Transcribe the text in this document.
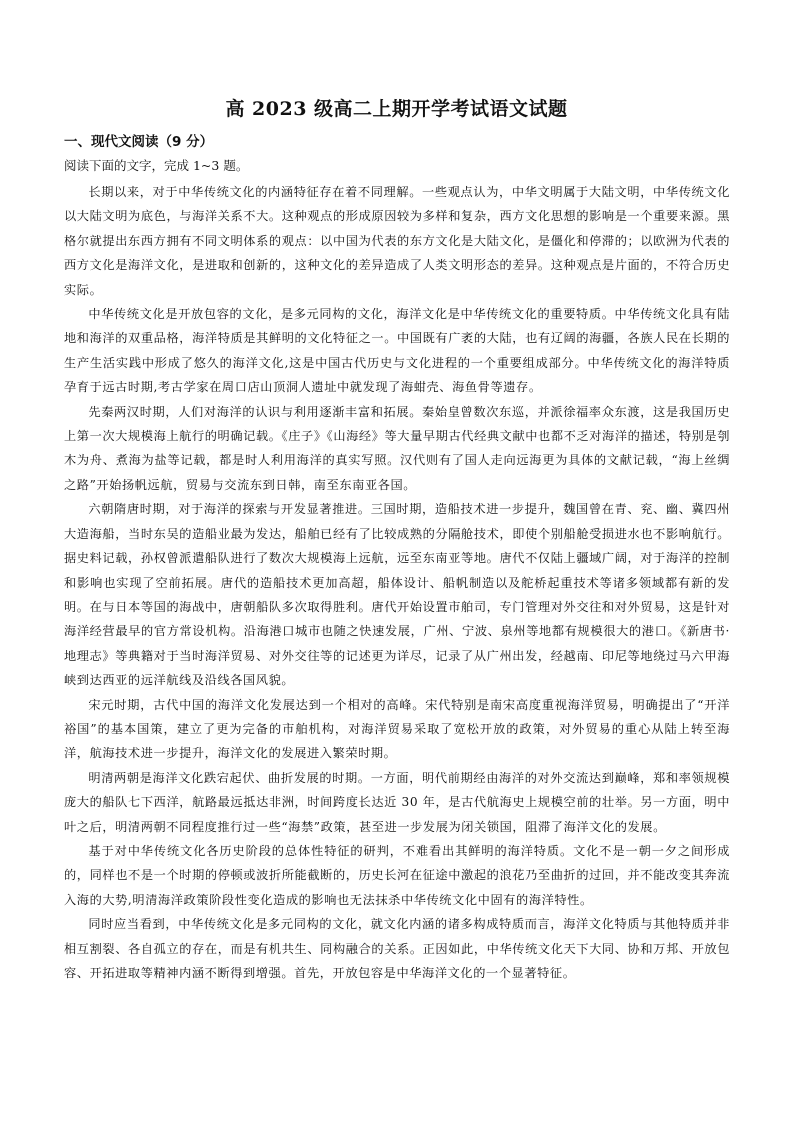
高 2023 级高二上期开学考试语文试题
一、现代文阅读（9 分）

阅读下面的文字，完成 1~3 题。

长期以来，对于中华传统文化的内涵特征存在着不同理解。一些观点认为，中华文明属于大陆文明，中华传统文化以大陆文明为底色，与海洋关系不大。这种观点的形成原因较为多样和复杂，西方文化思想的影响是一个重要来源。黑格尔就提出东西方拥有不同文明体系的观点：以中国为代表的东方文化是大陆文化，是僵化和停滞的；以欧洲为代表的西方文化是海洋文化，是进取和创新的，这种文化的差异造成了人类文明形态的差异。这种观点是片面的，不符合历史实际。

中华传统文化是开放包容的文化，是多元同构的文化，海洋文化是中华传统文化的重要特质。中华传统文化具有陆地和海洋的双重品格，海洋特质是其鲜明的文化特征之一。中国既有广袤的大陆，也有辽阔的海疆，各族人民在长期的生产生活实践中形成了悠久的海洋文化,这是中国古代历史与文化进程的一个重要组成部分。中华传统文化的海洋特质孕育于远古时期,考古学家在周口店山顶洞人遗址中就发现了海蚶壳、海鱼骨等遗存。

先秦两汉时期，人们对海洋的认识与利用逐渐丰富和拓展。秦始皇曾数次东巡，并派徐福率众东渡，这是我国历史上第一次大规模海上航行的明确记载。《庄子》《山海经》等大量早期古代经典文献中也都不乏对海洋的描述，特别是刳木为舟、煮海为盐等记载，都是时人利用海洋的真实写照。汉代则有了国人走向远海更为具体的文献记载，“海上丝绸之路”开始扬帆远航，贸易与交流东到日韩，南至东南亚各国。

六朝隋唐时期，对于海洋的探索与开发显著推进。三国时期，造船技术进一步提升，魏国曾在青、兖、幽、冀四州大造海船，当时东吴的造船业最为发达，船舶已经有了比较成熟的分隔舱技术，即使个别船舱受损进水也不影响航行。据史料记载，孙权曾派遣船队进行了数次大规模海上远航，远至东南亚等地。唐代不仅陆上疆域广阔，对于海洋的控制和影响也实现了空前拓展。唐代的造船技术更加高超，船体设计、船帆制造以及舵桥起重技术等诸多领域都有新的发明。在与日本等国的海战中，唐朝船队多次取得胜利。唐代开始设置市舶司，专门管理对外交往和对外贸易，这是针对海洋经营最早的官方常设机构。沿海港口城市也随之快速发展，广州、宁波、泉州等地都有规模很大的港口。《新唐书·地理志》等典籍对于当时海洋贸易、对外交往等的记述更为详尽，记录了从广州出发，经越南、印尼等地绕过马六甲海峡到达西亚的远洋航线及沿线各国风貌。

宋元时期，古代中国的海洋文化发展达到一个相对的高峰。宋代特别是南宋高度重视海洋贸易，明确提出了“开洋裕国”的基本国策，建立了更为完备的市舶机构，对海洋贸易采取了宽松开放的政策，对外贸易的重心从陆上转至海洋，航海技术进一步提升，海洋文化的发展进入繁荣时期。

明清两朝是海洋文化跌宕起伏、曲折发展的时期。一方面，明代前期经由海洋的对外交流达到巅峰，郑和率领规模庞大的船队七下西洋，航路最远抵达非洲，时间跨度长达近 30 年，是古代航海史上规模空前的壮举。另一方面，明中叶之后，明清两朝不同程度推行过一些“海禁”政策，甚至进一步发展为闭关锁国，阻滞了海洋文化的发展。

基于对中华传统文化各历史阶段的总体性特征的研判，不难看出其鲜明的海洋特质。文化不是一朝一夕之间形成的，同样也不是一个时期的停顿或波折所能截断的，历史长河在征途中激起的浪花乃至曲折的过回，并不能改变其奔流入海的大势,明清海洋政策阶段性变化造成的影响也无法抹杀中华传统文化中固有的海洋特性。

同时应当看到，中华传统文化是多元同构的文化，就文化内涵的诸多构成特质而言，海洋文化特质与其他特质并非相互割裂、各自孤立的存在，而是有机共生、同构融合的关系。正因如此，中华传统文化天下大同、协和万邦、开放包容、开拓进取等精神内涵不断得到增强。首先，开放包容是中华海洋文化的一个显著特征。
